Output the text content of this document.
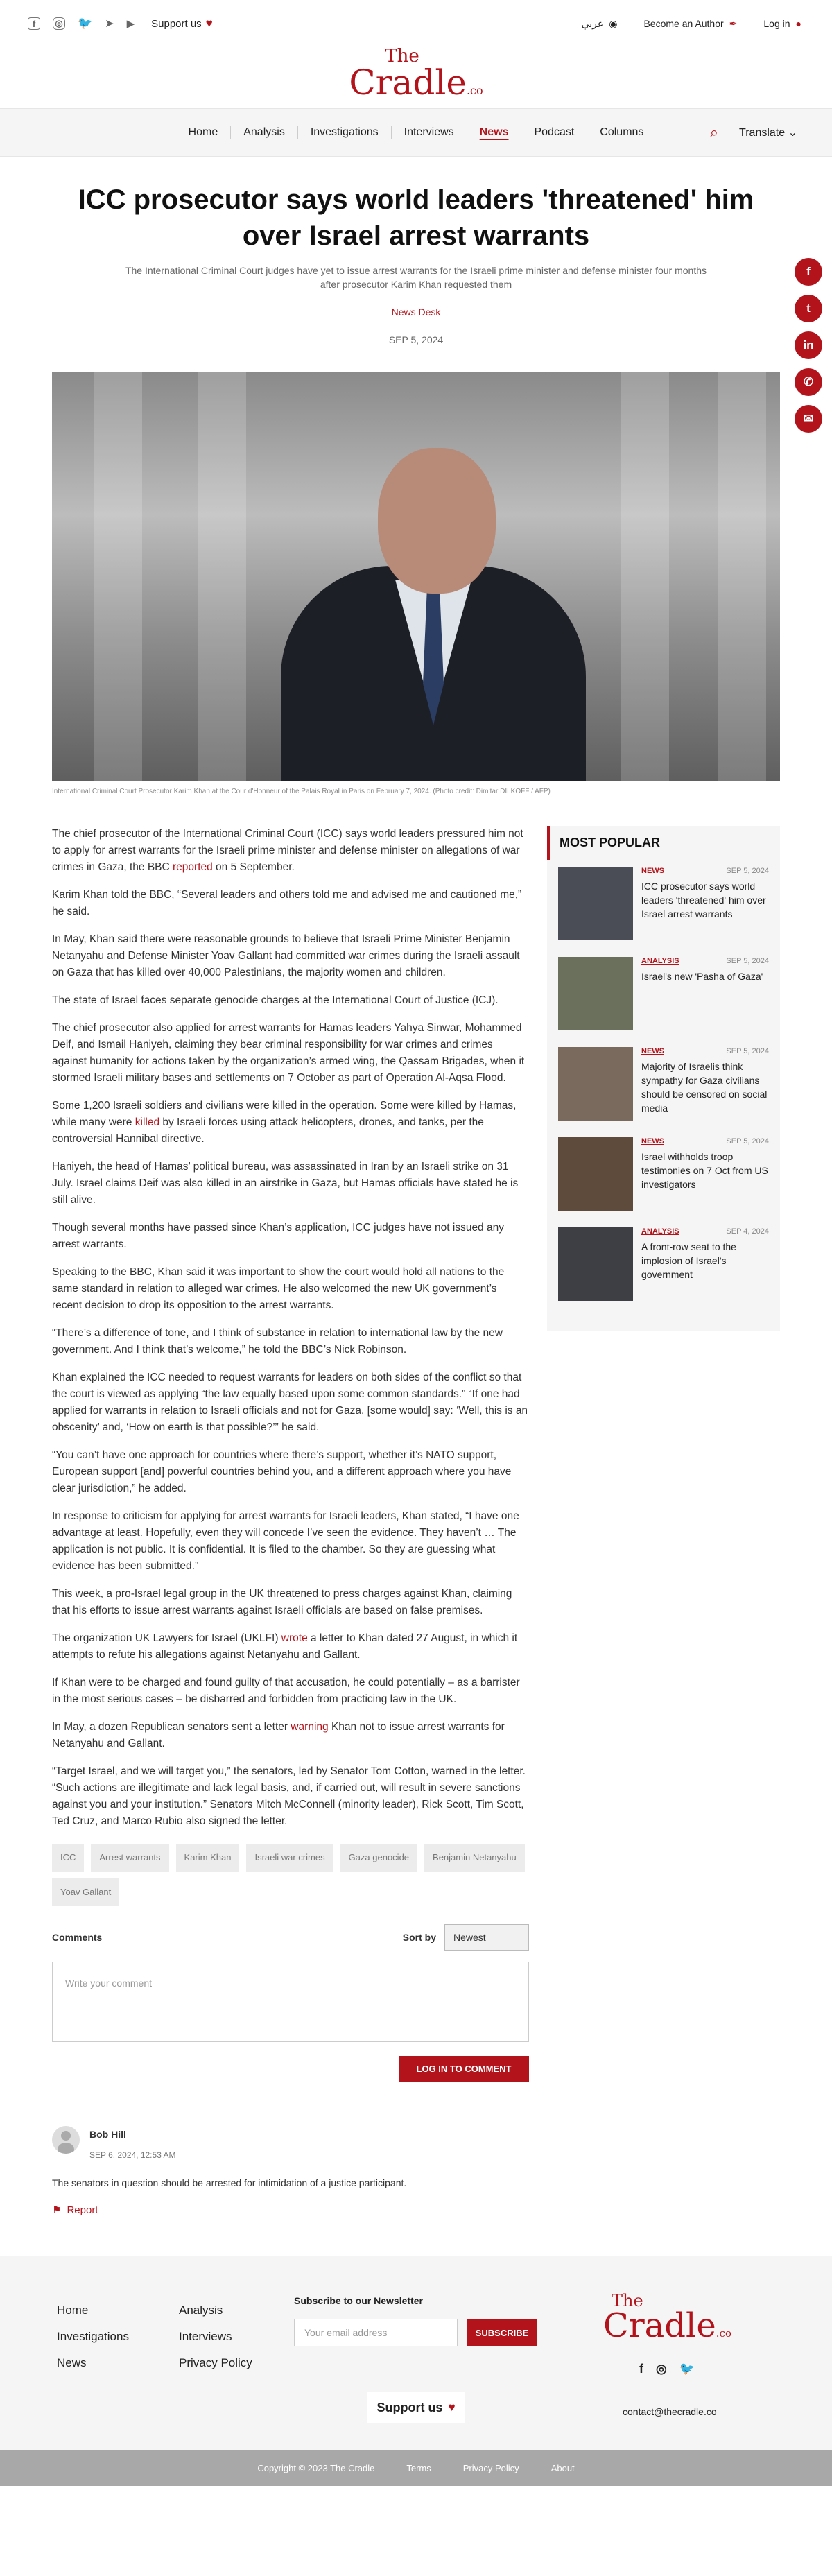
f	◎ 🐦 ➤ ▶ Support us ♥	عربي ◉	Become an Author ✒	Log in ●
The
Cradle.co
Home	Analysis	Investigations	Interviews	News	Podcast	Columns	⌕ Translate ⌄
f
t
in
✆
✉
ICC prosecutor says world leaders 'threatened' him over Israel arrest warrants

The International Criminal Court judges have yet to issue arrest warrants for the Israeli prime minister and defense minister four months after prosecutor Karim Khan requested them

News Desk

SEP 5, 2024

International Criminal Court Prosecutor Karim Khan at the Cour d'Honneur of the Palais Royal in Paris on February 7, 2024. (Photo credit: Dimitar DILKOFF / AFP)

The chief prosecutor of the International Criminal Court (ICC) says world leaders pressured him not to apply for arrest warrants for the Israeli prime minister and defense minister on allegations of war crimes in Gaza, the BBC reported on 5 September.

Karim Khan told the BBC, “Several leaders and others told me and advised me and cautioned me,” he said.

In May, Khan said there were reasonable grounds to believe that Israeli Prime Minister Benjamin Netanyahu and Defense Minister Yoav Gallant had committed war crimes during the Israeli assault on Gaza that has killed over 40,000 Palestinians, the majority women and children.

The state of Israel faces separate genocide charges at the International Court of Justice (ICJ).

The chief prosecutor also applied for arrest warrants for Hamas leaders Yahya Sinwar, Mohammed Deif, and Ismail Haniyeh, claiming they bear criminal responsibility for war crimes and crimes against humanity for actions taken by the organization’s armed wing, the Qassam Brigades, when it stormed Israeli military bases and settlements on 7 October as part of Operation Al-Aqsa Flood.

Some 1,200 Israeli soldiers and civilians were killed in the operation. Some were killed by Hamas, while many were killed by Israeli forces using attack helicopters, drones, and tanks, per the controversial Hannibal directive.

Haniyeh, the head of Hamas’ political bureau, was assassinated in Iran by an Israeli strike on 31 July. Israel claims Deif was also killed in an airstrike in Gaza, but Hamas officials have stated he is still alive.

Though several months have passed since Khan’s application, ICC judges have not issued any arrest warrants.

Speaking to the BBC, Khan said it was important to show the court would hold all nations to the same standard in relation to alleged war crimes. He also welcomed the new UK government’s recent decision to drop its opposition to the arrest warrants.

“There’s a difference of tone, and I think of substance in relation to international law by the new government. And I think that’s welcome,” he told the BBC’s Nick Robinson.

Khan explained the ICC needed to request warrants for leaders on both sides of the conflict so that the court is viewed as applying “the law equally based upon some common standards.” “If one had applied for warrants in relation to Israeli officials and not for Gaza, [some would] say: ‘Well, this is an obscenity’ and, ‘How on earth is that possible?’” he said.

“You can’t have one approach for countries where there’s support, whether it’s NATO support, European support [and] powerful countries behind you, and a different approach where you have clear jurisdiction,” he added.

In response to criticism for applying for arrest warrants for Israeli leaders, Khan stated, “I have one advantage at least. Hopefully, even they will concede I’ve seen the evidence. They haven’t … The application is not public. It is confidential. It is filed to the chamber. So they are guessing what evidence has been submitted.”

This week, a pro-Israel legal group in the UK threatened to press charges against Khan, claiming that his efforts to issue arrest warrants against Israeli officials are based on false premises.

The organization UK Lawyers for Israel (UKLFI) wrote a letter to Khan dated 27 August, in which it attempts to refute his allegations against Netanyahu and Gallant.

If Khan were to be charged and found guilty of that accusation, he could potentially – as a barrister in the most serious cases – be disbarred and forbidden from practicing law in the UK.

In May, a dozen Republican senators sent a letter warning Khan not to issue arrest warrants for Netanyahu and Gallant.

“Target Israel, and we will target you,” the senators, led by Senator Tom Cotton, warned in the letter. “Such actions are illegitimate and lack legal basis, and, if carried out, will result in severe sanctions against you and your institution.” Senators Mitch McConnell (minority leader), Rick Scott, Tim Scott, Ted Cruz, and Marco Rubio also signed the letter.

ICC	Arrest warrants	Karim Khan	Israeli war crimes	Gaza genocide	Benjamin Netanyahu
Yoav Gallant
Comments	Sort by	Newest
Write your comment
LOG IN TO COMMENT
Bob Hill
SEP 6, 2024, 12:53 AM

The senators in question should be arrested for intimidation of a justice participant.

⚑ Report
MOST POPULAR
NEWS	SEP 5, 2024
ICC prosecutor says world leaders 'threatened' him over Israel arrest warrants
ANALYSIS	SEP 5, 2024
Israel's new 'Pasha of Gaza'
NEWS	SEP 5, 2024
Majority of Israelis think sympathy for Gaza civilians should be censored on social media
NEWS	SEP 5, 2024
Israel withholds troop testimonies on 7 Oct from US investigators
ANALYSIS	SEP 4, 2024
A front-row seat to the implosion of Israel's government
Home	Analysis
Investigations	Interviews
News	Privacy Policy
Subscribe to our Newsletter
Your email address	SUBSCRIBE
Support us ♥
The
Cradle.co
f ◎ 🐦
contact@thecradle.co
Copyright © 2023 The Cradle	Terms	Privacy Policy	About
